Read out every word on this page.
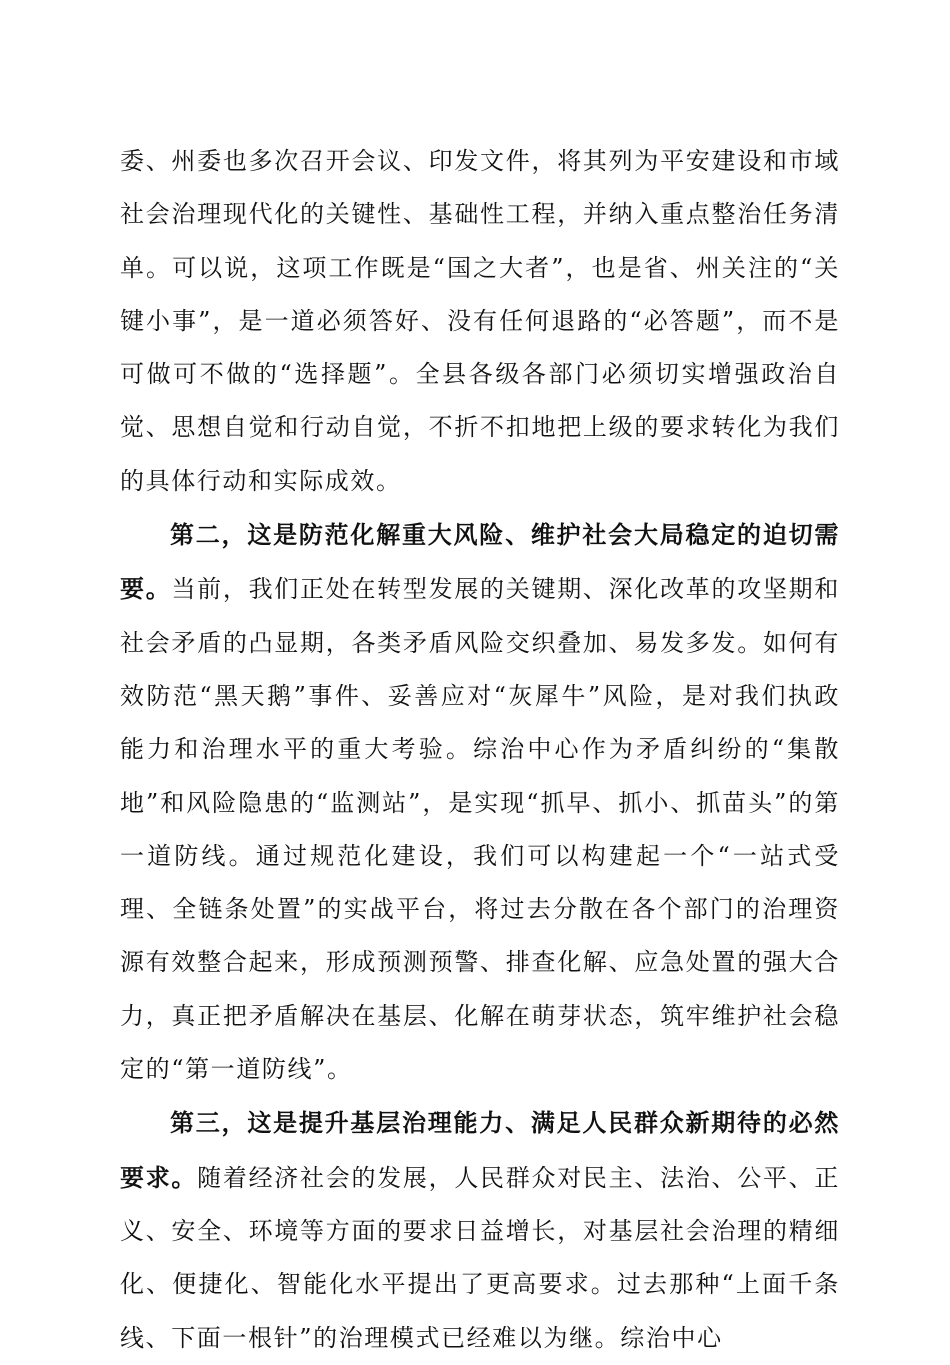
委、州委也多次召开会议、印发文件，将其列为平安建设和市域社会治理现代化的关键性、基础性工程，并纳入重点整治任务清单。可以说，这项工作既是“国之大者”，也是省、州关注的“关键小事”，是一道必须答好、没有任何退路的“必答题”，而不是可做可不做的“选择题”。全县各级各部门必须切实增强政治自觉、思想自觉和行动自觉，不折不扣地把上级的要求转化为我们的具体行动和实际成效。

第二，这是防范化解重大风险、维护社会大局稳定的迫切需要。当前，我们正处在转型发展的关键期、深化改革的攻坚期和社会矛盾的凸显期，各类矛盾风险交织叠加、易发多发。如何有效防范“黑天鹅”事件、妥善应对“灰犀牛”风险，是对我们执政能力和治理水平的重大考验。综治中心作为矛盾纠纷的“集散地”和风险隐患的“监测站”，是实现“抓早、抓小、抓苗头”的第一道防线。通过规范化建设，我们可以构建起一个“一站式受理、全链条处置”的实战平台，将过去分散在各个部门的治理资源有效整合起来，形成预测预警、排查化解、应急处置的强大合力，真正把矛盾解决在基层、化解在萌芽状态，筑牢维护社会稳定的“第一道防线”。

第三，这是提升基层治理能力、满足人民群众新期待的必然要求。随着经济社会的发展，人民群众对民主、法治、公平、正义、安全、环境等方面的要求日益增长，对基层社会治理的精细化、便捷化、智能化水平提出了更高要求。过去那种“上面千条线、下面一根针”的治理模式已经难以为继。综治中心
